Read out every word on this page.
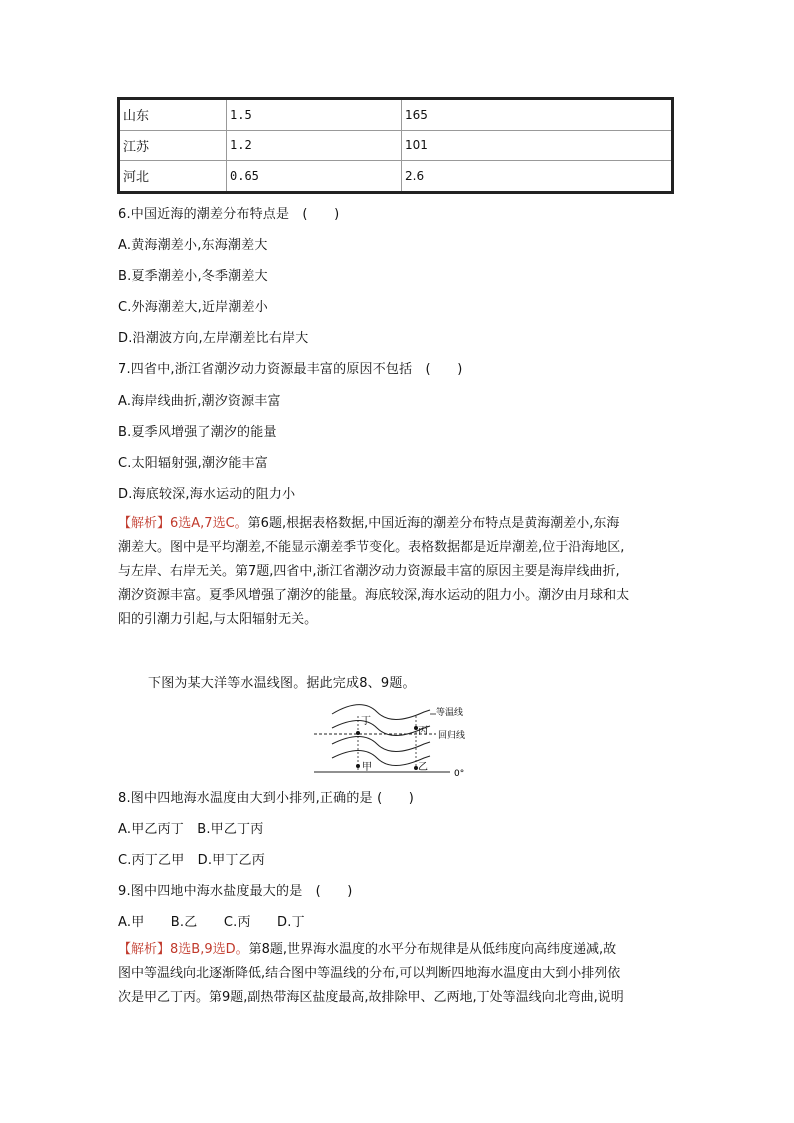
山东	1.5	165
江苏	1.2	101
河北	0.65	2.6
6.中国近海的潮差分布特点是　(　　)
A.黄海潮差小,东海潮差大
B.夏季潮差小,冬季潮差大
C.外海潮差大,近岸潮差小
D.沿潮波方向,左岸潮差比右岸大
7.四省中,浙江省潮汐动力资源最丰富的原因不包括　(　　)
A.海岸线曲折,潮汐资源丰富
B.夏季风增强了潮汐的能量
C.太阳辐射强,潮汐能丰富
D.海底较深,海水运动的阻力小
【解析】6选A,7选C。第6题,根据表格数据,中国近海的潮差分布特点是黄海潮差小,东海
潮差大。图中是平均潮差,不能显示潮差季节变化。表格数据都是近岸潮差,位于沿海地区,
与左岸、右岸无关。第7题,四省中,浙江省潮汐动力资源最丰富的原因主要是海岸线曲折,
潮汐资源丰富。夏季风增强了潮汐的能量。海底较深,海水运动的阻力小。潮汐由月球和太
阳的引潮力引起,与太阳辐射无关。
下图为某大洋等水温线图。据此完成8、9题。
丁
丙
甲	乙
等温线
回归线
0°
8.图中四地海水温度由大到小排列,正确的是 (　　)
A.甲乙丙丁　B.甲乙丁丙
C.丙丁乙甲　D.甲丁乙丙
9.图中四地中海水盐度最大的是　(　　)
A.甲　　B.乙　　C.丙　　D.丁
【解析】8选B,9选D。第8题,世界海水温度的水平分布规律是从低纬度向高纬度递减,故
图中等温线向北逐渐降低,结合图中等温线的分布,可以判断四地海水温度由大到小排列依
次是甲乙丁丙。第9题,副热带海区盐度最高,故排除甲、乙两地,丁处等温线向北弯曲,说明
